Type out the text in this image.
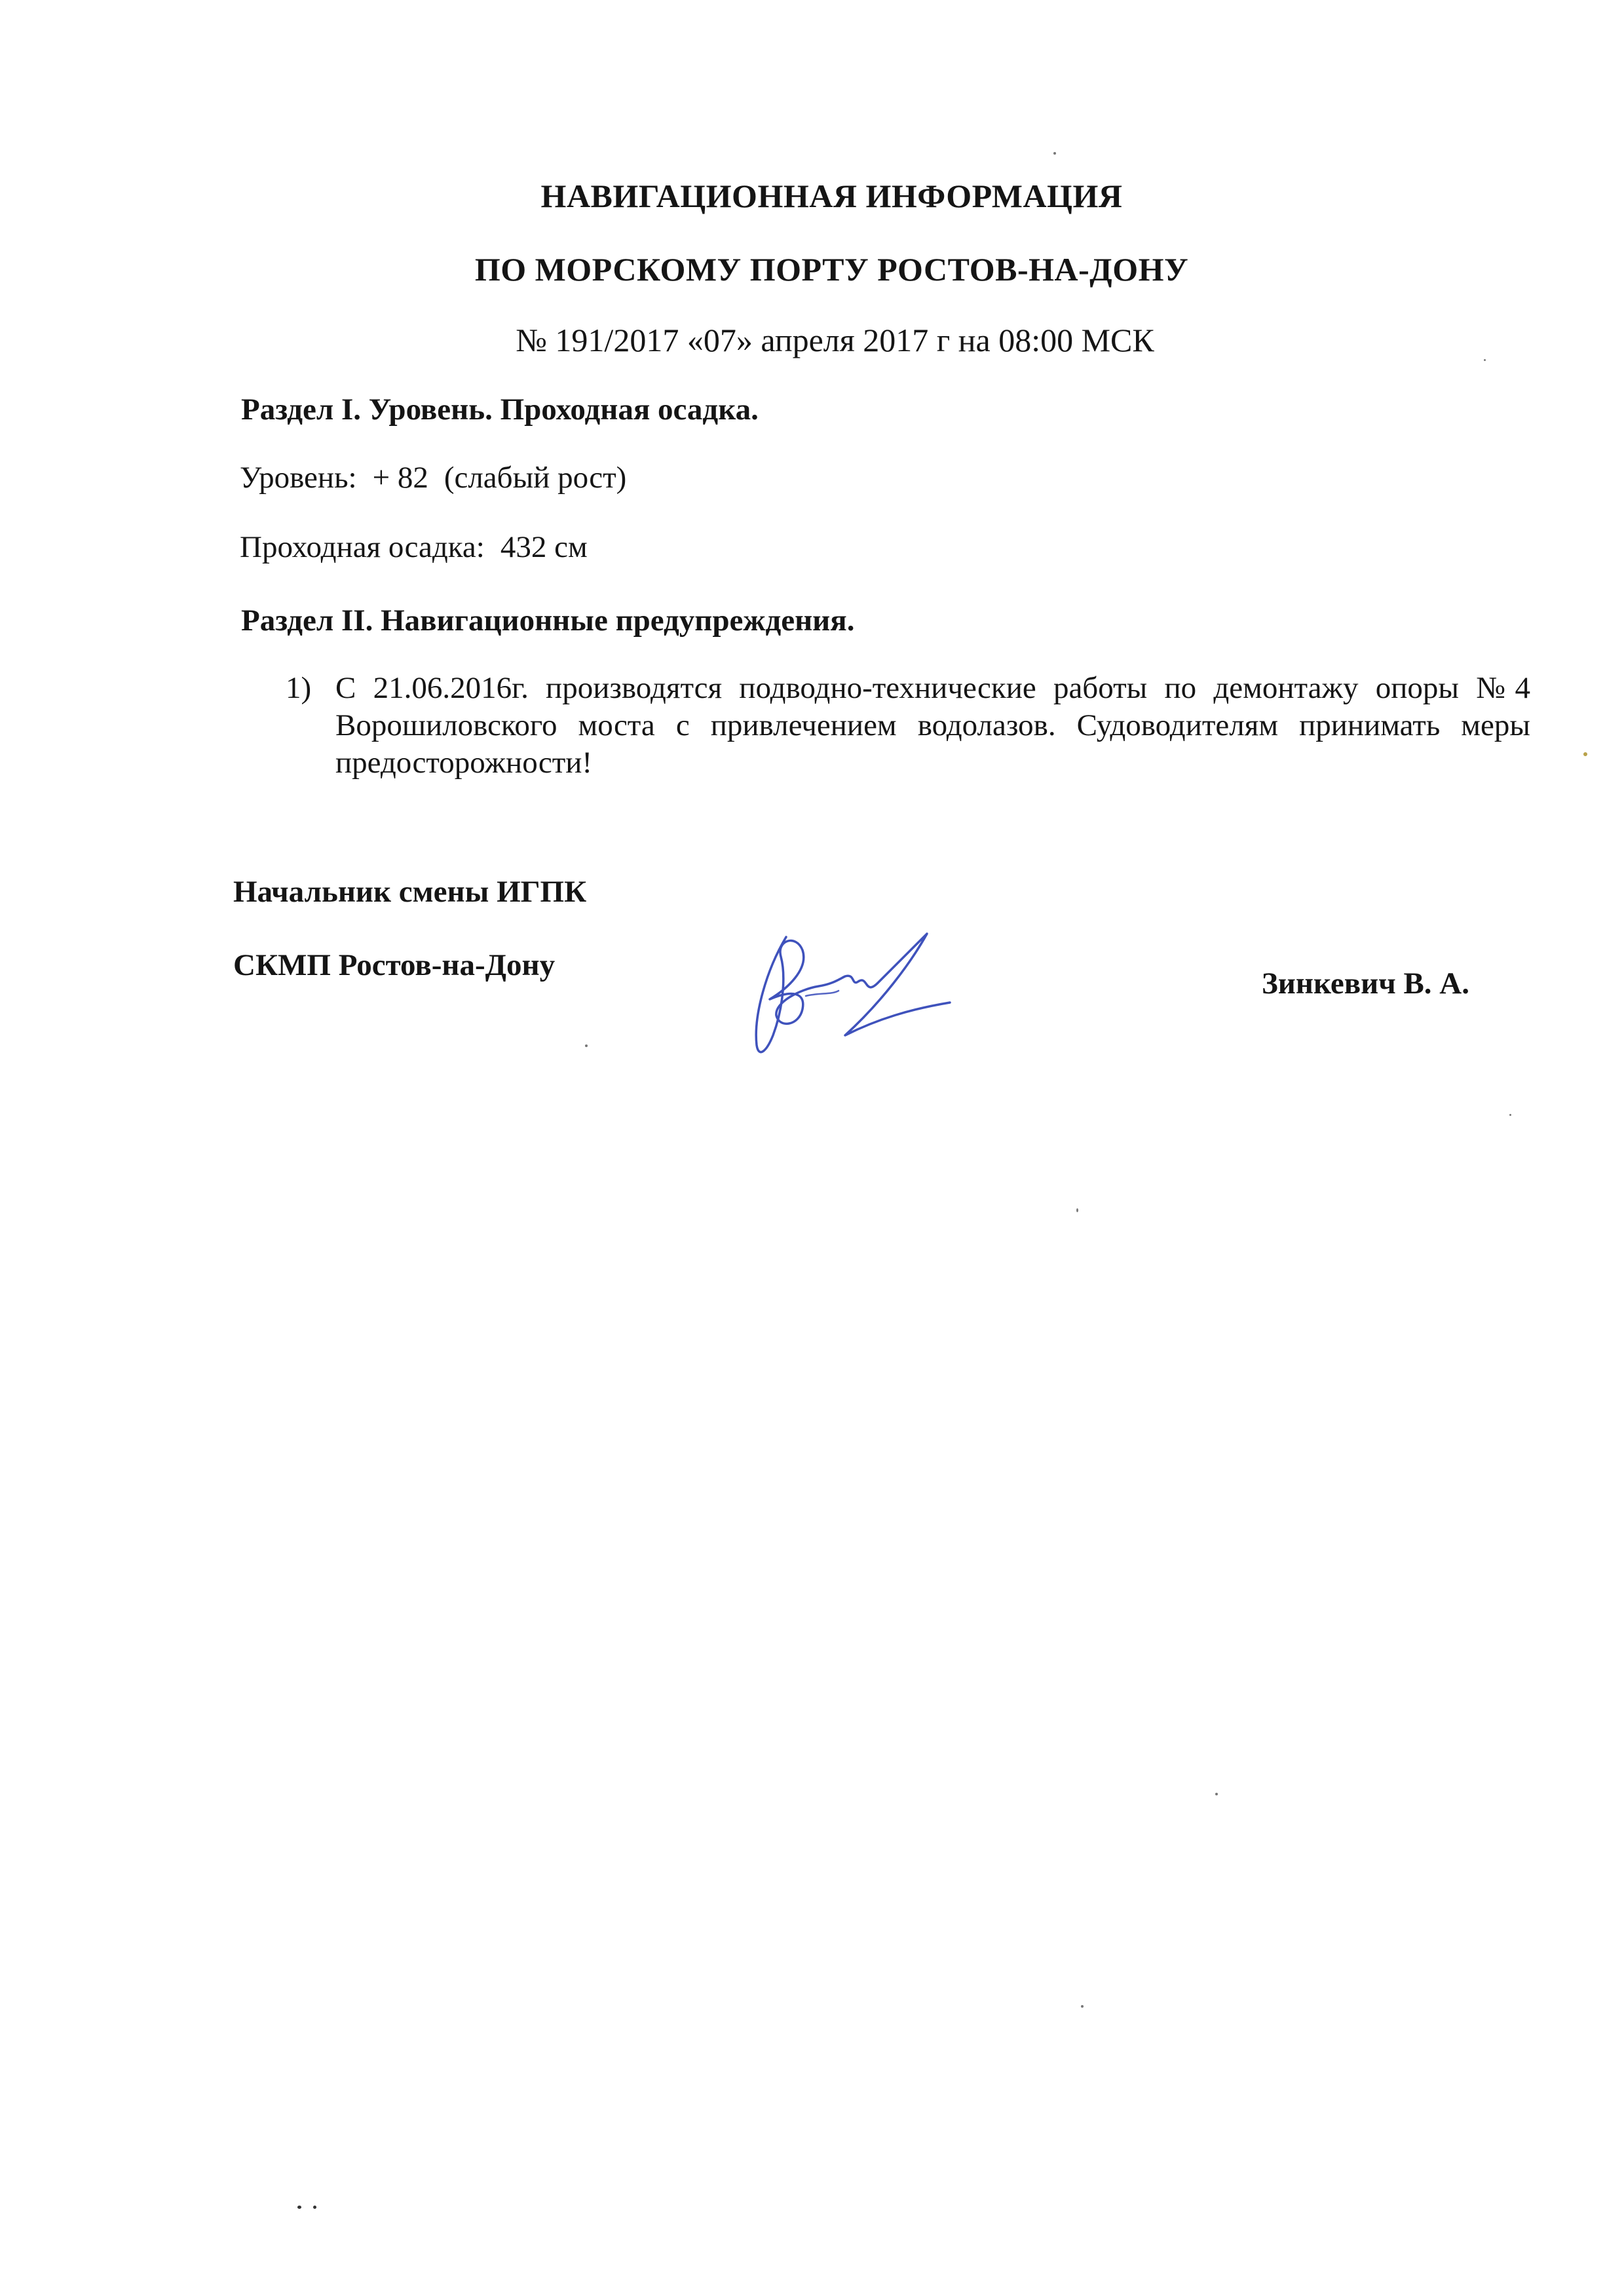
НАВИГАЦИОННАЯ ИНФОРМАЦИЯ
ПО МОРСКОМУ ПОРТУ РОСТОВ-НА-ДОНУ
№ 191/2017 «07» апреля 2017 г на 08:00 МСК
Раздел I. Уровень. Проходная осадка.
Уровень: + 82 (слабый рост)
Проходная осадка: 432 см
Раздел II. Навигационные предупреждения.
1) С 21.06.2016г. производятся подводно-технические работы по демонтажу опоры №4 Ворошиловского моста с привлечением водолазов. Судоводителям принимать меры предосторожности!
Начальник смены ИГПК
СКМП Ростов-на-Дону
Зинкевич В. А.
